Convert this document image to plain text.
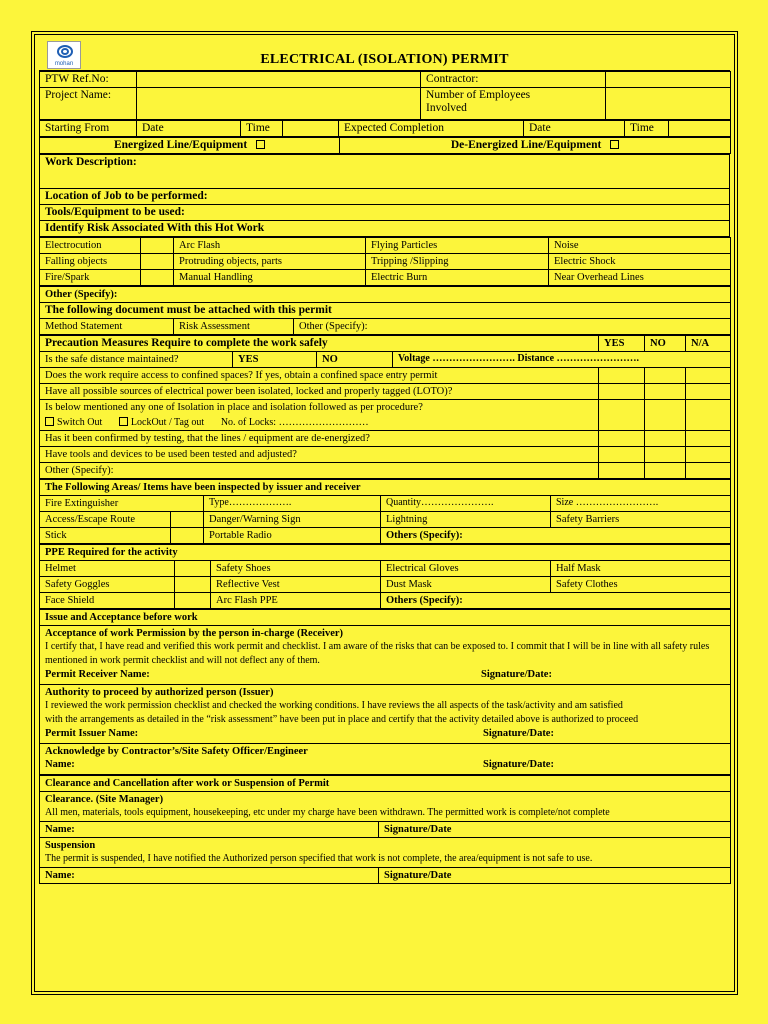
mohan	ELECTRICAL (ISOLATION) PERMIT
PTW Ref.No:		Contractor:	
Project Name:		Number of Employees
Involved	
Starting From	Date	Time		Expected Completion	Date	Time	
Energized Line/Equipment	De-Energized Line/Equipment
Work Description:
Location of Job to be performed:
Tools/Equipment to be used:
Identify Risk Associated With this Hot Work
Electrocution		Arc Flash		Flying Particles	Noise
Falling objects		Protruding objects, parts		Tripping /Slipping	Electric Shock
Fire/Spark		Manual Handling		Electric Burn	Near Overhead Lines
Other (Specify):
The following document must be attached with this permit
Method Statement	Risk Assessment	Other (Specify):
Precaution Measures Require to complete the work safely				YES	NO	N/A
Is the safe distance maintained?	YES	NO	Voltage ……………………. Distance …………………….			
Does the work require access to confined spaces? If yes, obtain a confined space entry permit						
Have all possible sources of electrical power been isolated, locked and properly tagged (LOTO)?						

Is below mentioned any one of Isolation in place and isolation followed as per procedure?
Switch Out LockOut / Tag out No. of Locks: ………………………						

Has it been confirmed by testing, that the lines / equipment are de-energized?						
Have tools and devices to be used been tested and adjusted?						
Other (Specify):						
The Following Areas/ Items have been inspected by issuer and receiver				
Fire Extinguisher		Type……………….	Quantity………………….	Size …………………….
Access/Escape Route		Danger/Warning Sign	Lightning	Safety Barriers
Stick		Portable Radio	Others (Specify):	
PPE Required for the activity				
Helmet		Safety Shoes	Electrical Gloves	Half Mask
Safety Goggles		Reflective Vest	Dust Mask	Safety Clothes
Face Shield		Arc Flash PPE	Others (Specify):	
Issue and Acceptance before work

Acceptance of work Permission by the person in-charge (Receiver)
I certify that, I have read and verified this work permit and checklist. I am aware of the risks that can be exposed to. I commit that I will be in line with all safety rules mentioned in work permit checklist and will not deflect any of them.
Permit Receiver Name:	Signature/Date:

Authority to proceed by authorized person (Issuer)
I reviewed the work permission checklist and checked the working conditions. I have reviews the all aspects of the task/activity and am satisfied
with the arrangements as detailed in the “risk assessment” have been put in place and certify that the activity detailed above is authorized to proceed
Permit Issuer Name:	Signature/Date:

Acknowledge by Contractor’s/Site Safety Officer/Engineer
Name:	Signature/Date:
Clearance and Cancellation after work or Suspension of Permit	

Clearance. (Site Manager)
All men, materials, tools equipment, housekeeping, etc under my charge have been withdrawn. The permitted work is complete/not complete	

Name:	Signature/Date

Suspension
The permit is suspended, I have notified the Authorized person specified that work is not complete, the area/equipment is not safe to use.	

Name:	Signature/Date
